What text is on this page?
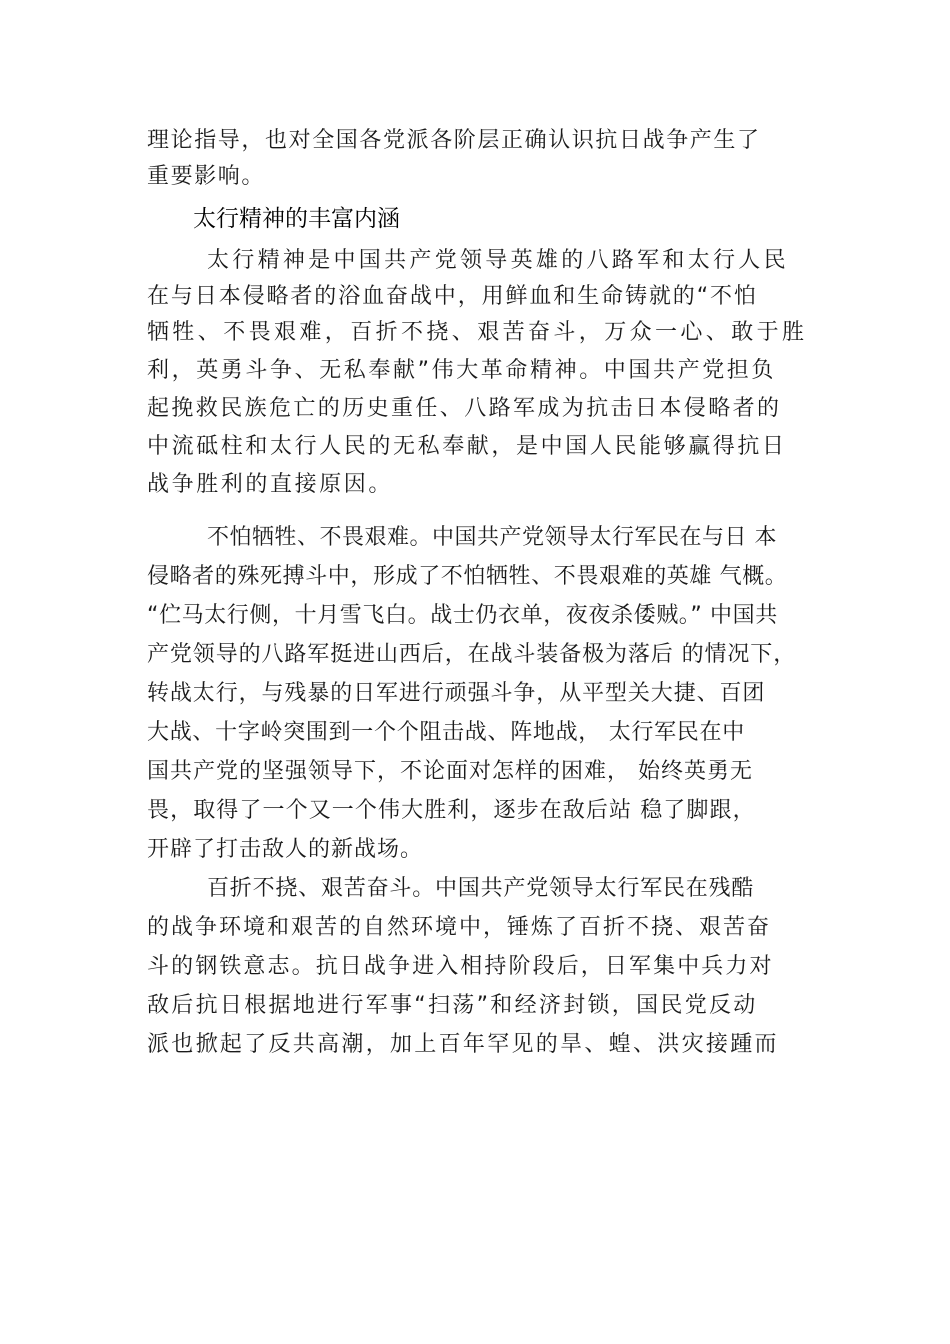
理论指导，也对全国各党派各阶层正确认识抗日战争产生了
重要影响。
太行精神的丰富内涵
太行精神是中国共产党领导英雄的八路军和太行人民
在与日本侵略者的浴血奋战中，用鲜血和生命铸就的“不怕
牺牲、不畏艰难，百折不挠、艰苦奋斗，万众一心、敢于胜
利，英勇斗争、无私奉献”伟大革命精神。中国共产党担负
起挽救民族危亡的历史重任、八路军成为抗击日本侵略者的
中流砥柱和太行人民的无私奉献，是中国人民能够赢得抗日
战争胜利的直接原因。
不怕牺牲、不畏艰难。中国共产党领导太行军民在与日 本
侵略者的殊死搏斗中，形成了不怕牺牲、不畏艰难的英雄 气概。
“伫马太行侧，十月雪飞白。战士仍衣单，夜夜杀倭贼。” 中国共
产党领导的八路军挺进山西后，在战斗装备极为落后 的情况下，
转战太行，与残暴的日军进行顽强斗争，从平型关大捷、百团
大战、十字岭突围到一个个阻击战、阵地战， 太行军民在中
国共产党的坚强领导下，不论面对怎样的困难， 始终英勇无
畏，取得了一个又一个伟大胜利，逐步在敌后站 稳了脚跟，
开辟了打击敌人的新战场。
百折不挠、艰苦奋斗。中国共产党领导太行军民在残酷
的战争环境和艰苦的自然环境中，锤炼了百折不挠、艰苦奋
斗的钢铁意志。抗日战争进入相持阶段后，日军集中兵力对
敌后抗日根据地进行军事“扫荡”和经济封锁，国民党反动
派也掀起了反共高潮，加上百年罕见的旱、蝗、洪灾接踵而
